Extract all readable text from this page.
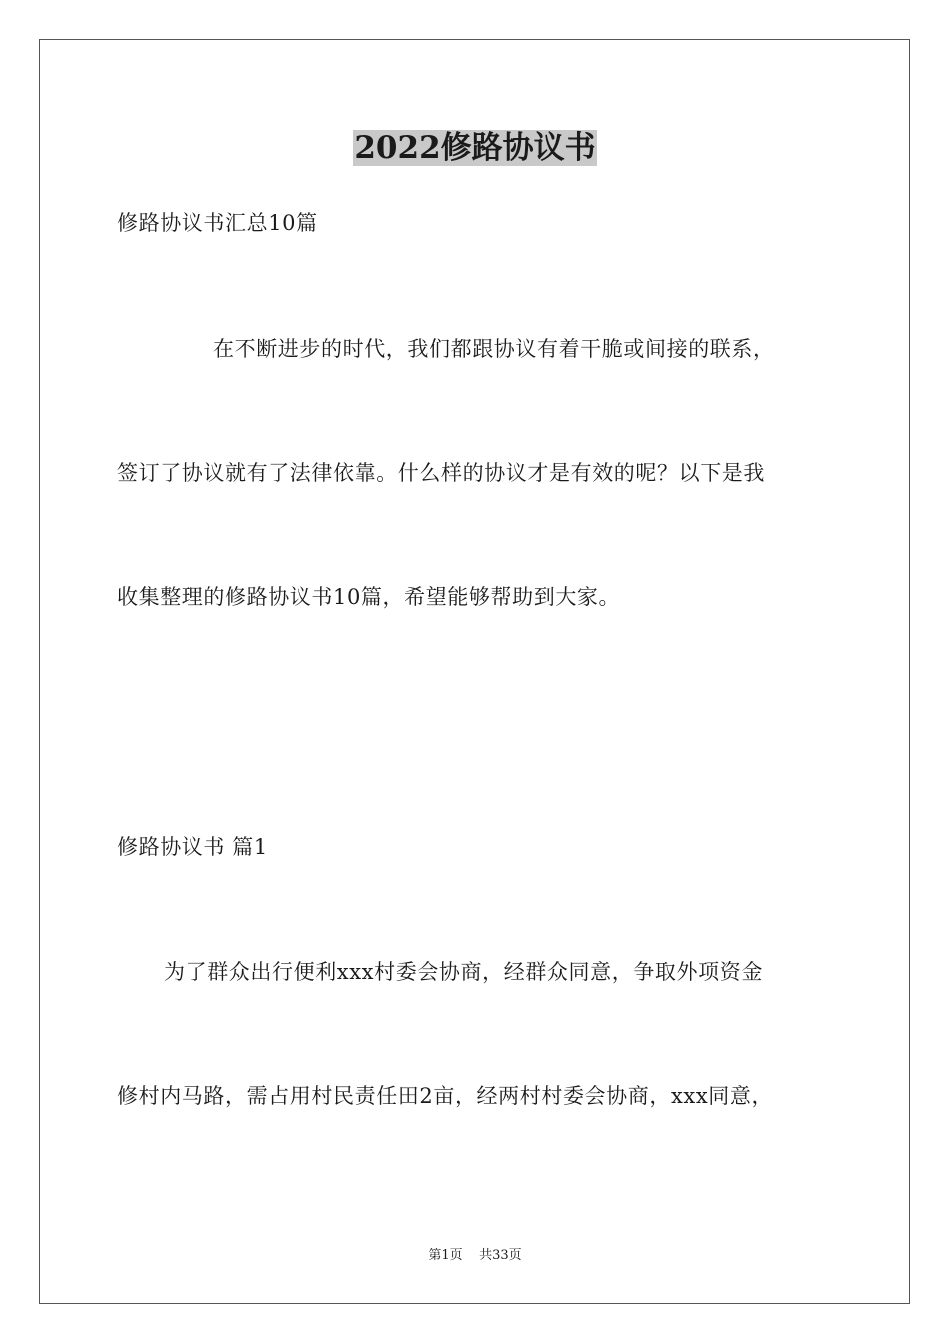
2022修路协议书
修路协议书汇总10篇
在不断进步的时代，我们都跟协议有着干脆或间接的联系，
签订了协议就有了法律依靠。什么样的协议才是有效的呢？以下是我
收集整理的修路协议书10篇，希望能够帮助到大家。
修路协议书 篇1
为了群众出行便利xxx村委会协商，经群众同意，争取外项资金
修村内马路，需占用村民责任田2亩，经两村村委会协商，xxx同意，
第1页    共33页
